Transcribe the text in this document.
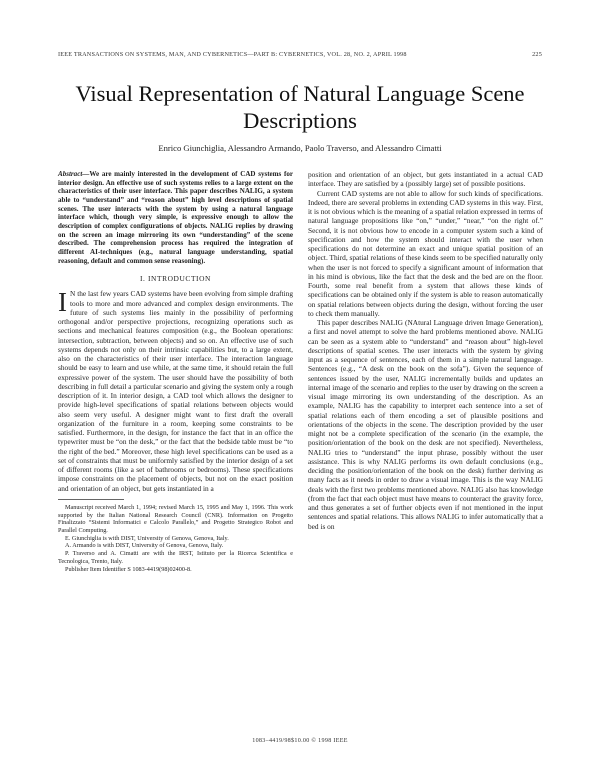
IEEE TRANSACTIONS ON SYSTEMS, MAN, AND CYBERNETICS—PART B: CYBERNETICS, VOL. 28, NO. 2, APRIL 1998	225
Visual Representation of Natural Language Scene Descriptions
Enrico Giunchiglia, Alessandro Armando, Paolo Traverso, and Alessandro Cimatti
Abstract—We are mainly interested in the development of CAD systems for interior design. An effective use of such systems relies to a large extent on the characteristics of their user interface. This paper describes NALIG, a system able to “understand” and “reason about” high level descriptions of spatial scenes. The user interacts with the system by using a natural language interface which, though very simple, is expressive enough to allow the description of complex configurations of objects. NALIG replies by drawing on the screen an image mirroring its own “understanding” of the scene described. The comprehension process has required the integration of different AI-techniques (e.g., natural language understanding, spatial reasoning, default and common sense reasoning).
I. INTRODUCTION

I N the last few years CAD systems have been evolving from simple drafting tools to more and more advanced and complex design environments. The future of such systems lies mainly in the possibility of performing orthogonal and/or perspective projections, recognizing operations such as sections and mechanical features composition (e.g., the Boolean operations: intersection, subtraction, between objects) and so on. An effective use of such systems depends not only on their intrinsic capabilities but, to a large extent, also on the characteristics of their user interface. The interaction language should be easy to learn and use while, at the same time, it should retain the full expressive power of the system. The user should have the possibility of both describing in full detail a particular scenario and giving the system only a rough description of it. In interior design, a CAD tool which allows the designer to provide high-level specifications of spatial relations between objects would also seem very useful. A designer might want to first draft the overall organization of the furniture in a room, keeping some constraints to be satisfied. Furthermore, in the design, for instance the fact that in an office the typewriter must be “on the desk,” or the fact that the bedside table must be “to the right of the bed.” Moreover, these high level specifications can be used as a set of constraints that must be uniformly satisfied by the interior design of a set of different rooms (like a set of bathrooms or bedrooms). These specifications impose constraints on the placement of objects, but not on the exact position and orientation of an object, but gets instantiated in a

Manuscript received March 1, 1994; revised March 15, 1995 and May 1, 1996. This work supported by the Italian National Research Council (CNR). Information on Progetto Finalizzato “Sistemi Informatici e Calcolo Parallelo,” and Progetto Strategico Robot and Parallel Computing.

E. Giunchiglia is with DIST, University of Genova, Genova, Italy.

A. Armando is with DIST, University of Genova, Genova, Italy.

P. Traverso and A. Cimatti are with the IRST, Istituto per la Ricerca Scientifica e Tecnologica, Trento, Italy.

Publisher Item Identifier S 1083-4419(98)02400-8.

position and orientation of an object, but gets instantiated in a actual CAD interface. They are satisfied by a (possibly large) set of possible positions.

Current CAD systems are not able to allow for such kinds of specifications. Indeed, there are several problems in extending CAD systems in this way. First, it is not obvious which is the meaning of a spatial relation expressed in terms of natural language propositions like “on,” “under,” “near,” “on the right of.” Second, it is not obvious how to encode in a computer system such a kind of specification and how the system should interact with the user when specifications do not determine an exact and unique spatial position of an object. Third, spatial relations of these kinds seem to be specified naturally only when the user is not forced to specify a significant amount of information that in his mind is obvious, like the fact that the desk and the bed are on the floor. Fourth, some real benefit from a system that allows these kinds of specifications can be obtained only if the system is able to reason automatically on spatial relations between objects during the design, without forcing the user to check them manually.

This paper describes NALIG (NAtural Language driven Image Generation), a first and novel attempt to solve the hard problems mentioned above. NALIG can be seen as a system able to “understand” and “reason about” high-level descriptions of spatial scenes. The user interacts with the system by giving input as a sequence of sentences, each of them in a simple natural language. Sentences (e.g., “A desk on the book on the sofa”). Given the sequence of sentences issued by the user, NALIG incrementally builds and updates an internal image of the scenario and replies to the user by drawing on the screen a visual image mirroring its own understanding of the description. As an example, NALIG has the capability to interpret each sentence into a set of spatial relations each of them encoding a set of plausible positions and orientations of the objects in the scene. The description provided by the user might not be a complete specification of the scenario (in the example, the position/orientation of the book on the desk are not specified). Nevertheless, NALIG tries to “understand” the input phrase, possibly without the user assistance. This is why NALIG performs its own default conclusions (e.g., deciding the position/orientation of the book on the desk) further deriving as many facts as it needs in order to draw a visual image. This is the way NALIG deals with the first two problems mentioned above. NALIG also has knowledge (from the fact that each object must have means to counteract the gravity force, and thus generates a set of further objects even if not mentioned in the input sentences and spatial relations. This allows NALIG to infer automatically that a bed is on

1083–4419/98$10.00 © 1998 IEEE
